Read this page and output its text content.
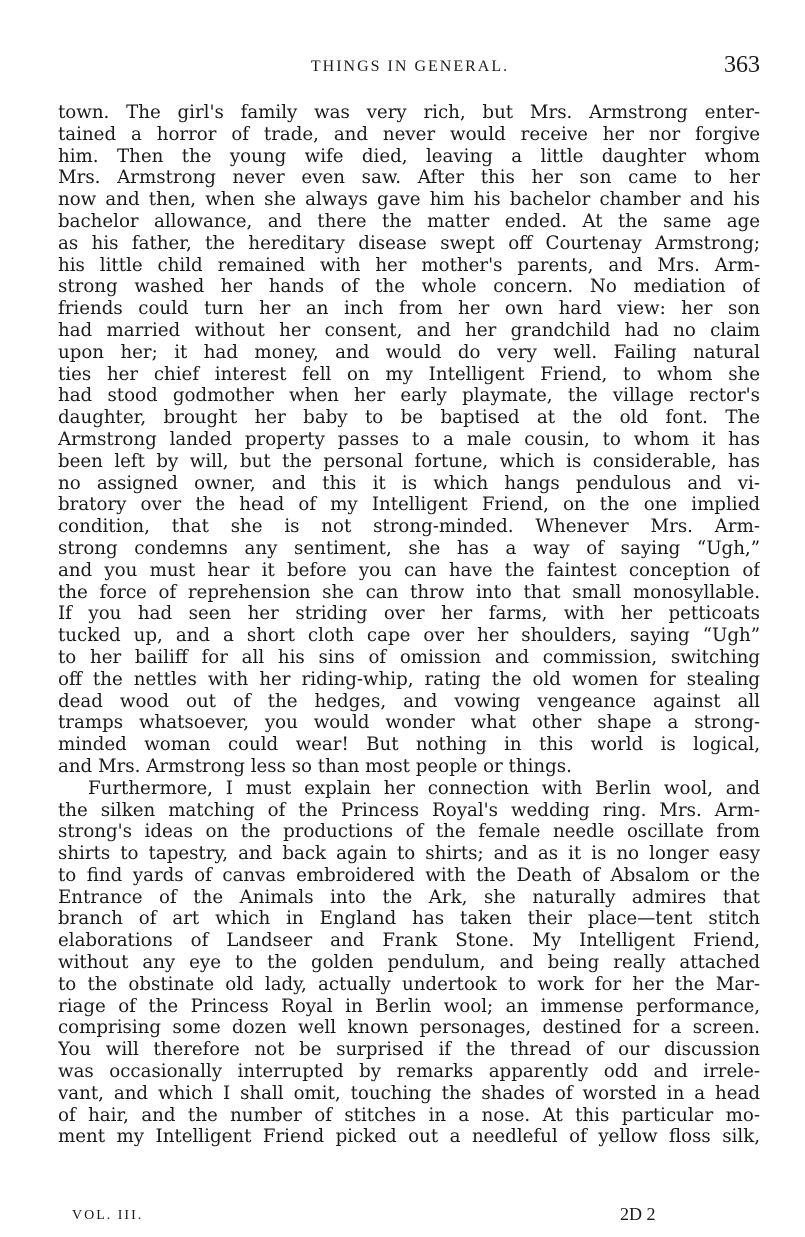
THINGS IN GENERAL.	363
town. The girl's family was very rich, but Mrs. Armstrong enter-
tained a horror of trade, and never would receive her nor forgive
him. Then the young wife died, leaving a little daughter whom
Mrs. Armstrong never even saw. After this her son came to her
now and then, when she always gave him his bachelor chamber and his
bachelor allowance, and there the matter ended. At the same age
as his father, the hereditary disease swept off Courtenay Armstrong;
his little child remained with her mother's parents, and Mrs. Arm-
strong washed her hands of the whole concern. No mediation of
friends could turn her an inch from her own hard view: her son
had married without her consent, and her grandchild had no claim
upon her; it had money, and would do very well. Failing natural
ties her chief interest fell on my Intelligent Friend, to whom she
had stood godmother when her early playmate, the village rector's
daughter, brought her baby to be baptised at the old font. The
Armstrong landed property passes to a male cousin, to whom it has
been left by will, but the personal fortune, which is considerable, has
no assigned owner, and this it is which hangs pendulous and vi-
bratory over the head of my Intelligent Friend, on the one implied
condition, that she is not strong-minded. Whenever Mrs. Arm-
strong condemns any sentiment, she has a way of saying “Ugh,”
and you must hear it before you can have the faintest conception of
the force of reprehension she can throw into that small monosyllable.
If you had seen her striding over her farms, with her petticoats
tucked up, and a short cloth cape over her shoulders, saying “Ugh”
to her bailiff for all his sins of omission and commission, switching
off the nettles with her riding-whip, rating the old women for stealing
dead wood out of the hedges, and vowing vengeance against all
tramps whatsoever, you would wonder what other shape a strong-
minded woman could wear! But nothing in this world is logical,
and Mrs. Armstrong less so than most people or things.
Furthermore, I must explain her connection with Berlin wool, and
the silken matching of the Princess Royal's wedding ring. Mrs. Arm-
strong's ideas on the productions of the female needle oscillate from
shirts to tapestry, and back again to shirts; and as it is no longer easy
to find yards of canvas embroidered with the Death of Absalom or the
Entrance of the Animals into the Ark, she naturally admires that
branch of art which in England has taken their place—tent stitch
elaborations of Landseer and Frank Stone. My Intelligent Friend,
without any eye to the golden pendulum, and being really attached
to the obstinate old lady, actually undertook to work for her the Mar-
riage of the Princess Royal in Berlin wool; an immense performance,
comprising some dozen well known personages, destined for a screen.
You will therefore not be surprised if the thread of our discussion
was occasionally interrupted by remarks apparently odd and irrele-
vant, and which I shall omit, touching the shades of worsted in a head
of hair, and the number of stitches in a nose. At this particular mo-
ment my Intelligent Friend picked out a needleful of yellow floss silk,
VOL. III.	2D 2
